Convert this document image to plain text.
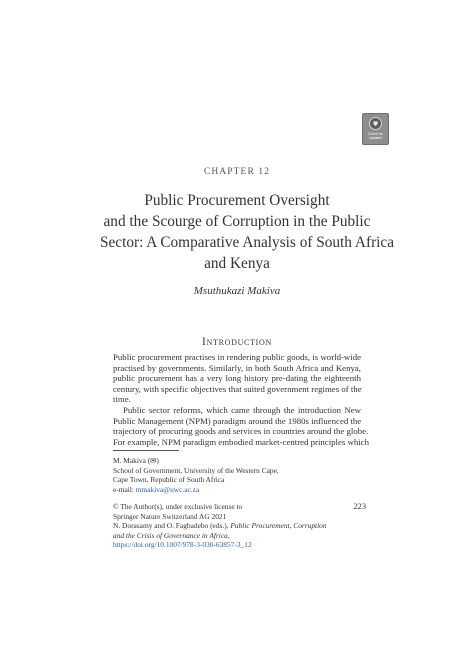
Check for
updates
CHAPTER 12
Public Procurement Oversight
and the Scourge of Corruption in the Public
Sector: A Comparative Analysis of South Africa
and Kenya
Msuthukazi Makiva
Introduction
Public procurement practises in rendering public goods, is world-wide
practised by governments. Similarly, in both South Africa and Kenya,
public procurement has a very long history pre-dating the eighteenth
century, with specific objectives that suited government regimes of the
time.
Public sector reforms, which came through the introduction New
Public Management (NPM) paradigm around the 1980s influenced the
trajectory of procuring goods and services in countries around the globe.
For example, NPM paradigm embodied market-centred principles which
M. Makiva (✉)
School of Government, University of the Western Cape,
Cape Town, Republic of South Africa
e-mail: mmakiva@uwc.ac.za
© The Author(s), under exclusive license to
Springer Nature Switzerland AG 2021
N. Dorasamy and O. Fagbadebo (eds.), Public Procurement, Corruption
and the Crisis of Governance in Africa,
https://doi.org/10.1007/978-3-030-63857-3_12
223
